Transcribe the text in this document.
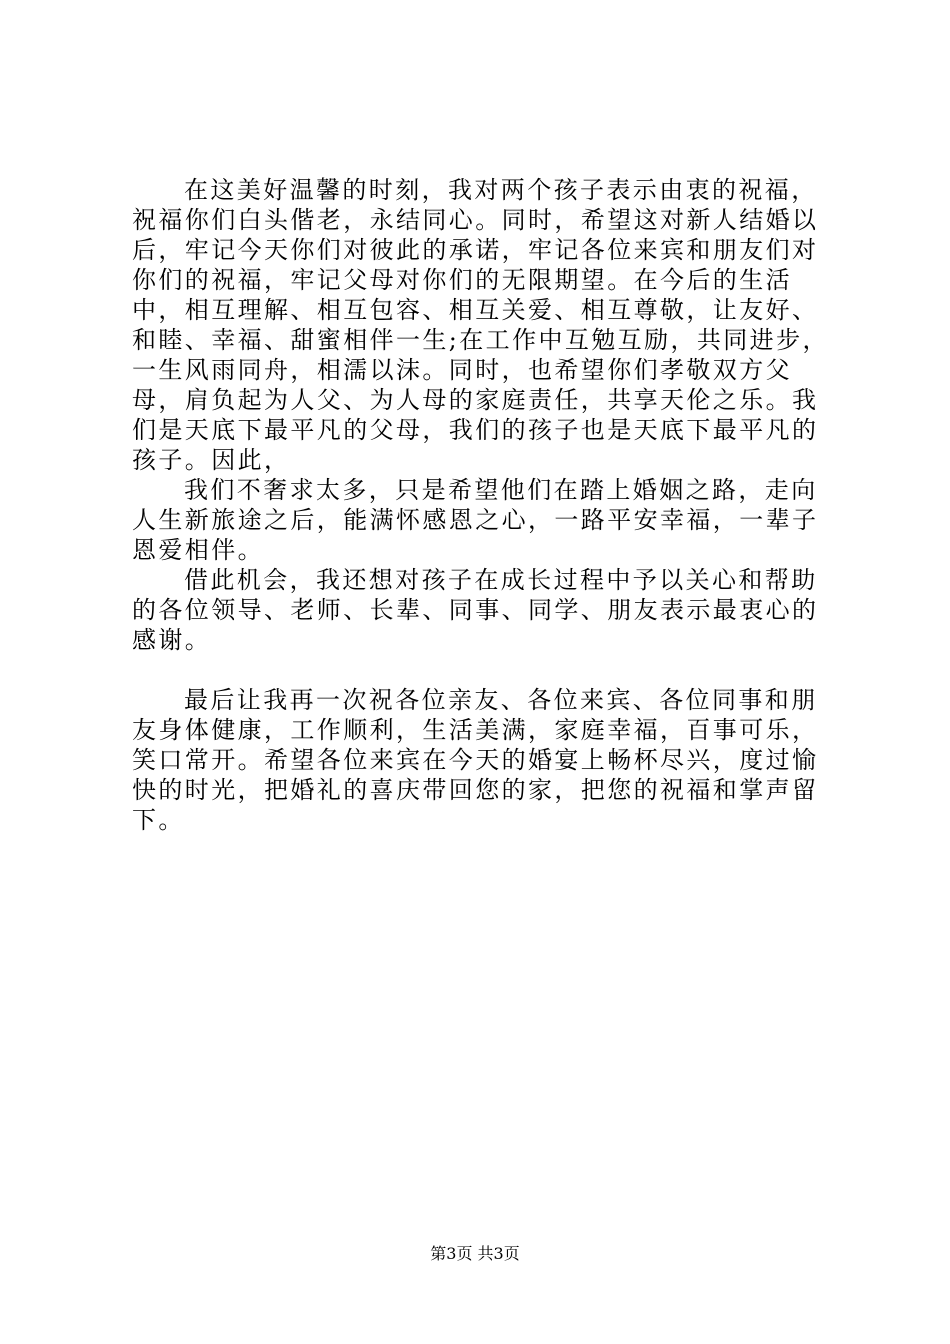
在这美好温馨的时刻，我对两个孩子表示由衷的祝福，祝福你们白头偕老，永结同心。同时，希望这对新人结婚以后，牢记今天你们对彼此的承诺，牢记各位来宾和朋友们对你们的祝福，牢记父母对你们的无限期望。在今后的生活中，相互理解、相互包容、相互关爱、相互尊敬，让友好、和睦、幸福、甜蜜相伴一生;在工作中互勉互励，共同进步，一生风雨同舟，相濡以沫。同时，也希望你们孝敬双方父母，肩负起为人父、为人母的家庭责任，共享天伦之乐。我们是天底下最平凡的父母，我们的孩子也是天底下最平凡的孩子。因此，

我们不奢求太多，只是希望他们在踏上婚姻之路，走向人生新旅途之后，能满怀感恩之心，一路平安幸福，一辈子恩爱相伴。

借此机会，我还想对孩子在成长过程中予以关心和帮助的各位领导、老师、长辈、同事、同学、朋友表示最衷心的感谢。

最后让我再一次祝各位亲友、各位来宾、各位同事和朋友身体健康，工作顺利，生活美满，家庭幸福，百事可乐，笑口常开。希望各位来宾在今天的婚宴上畅杯尽兴，度过愉快的时光，把婚礼的喜庆带回您的家，把您的祝福和掌声留下。

第3页 共3页
